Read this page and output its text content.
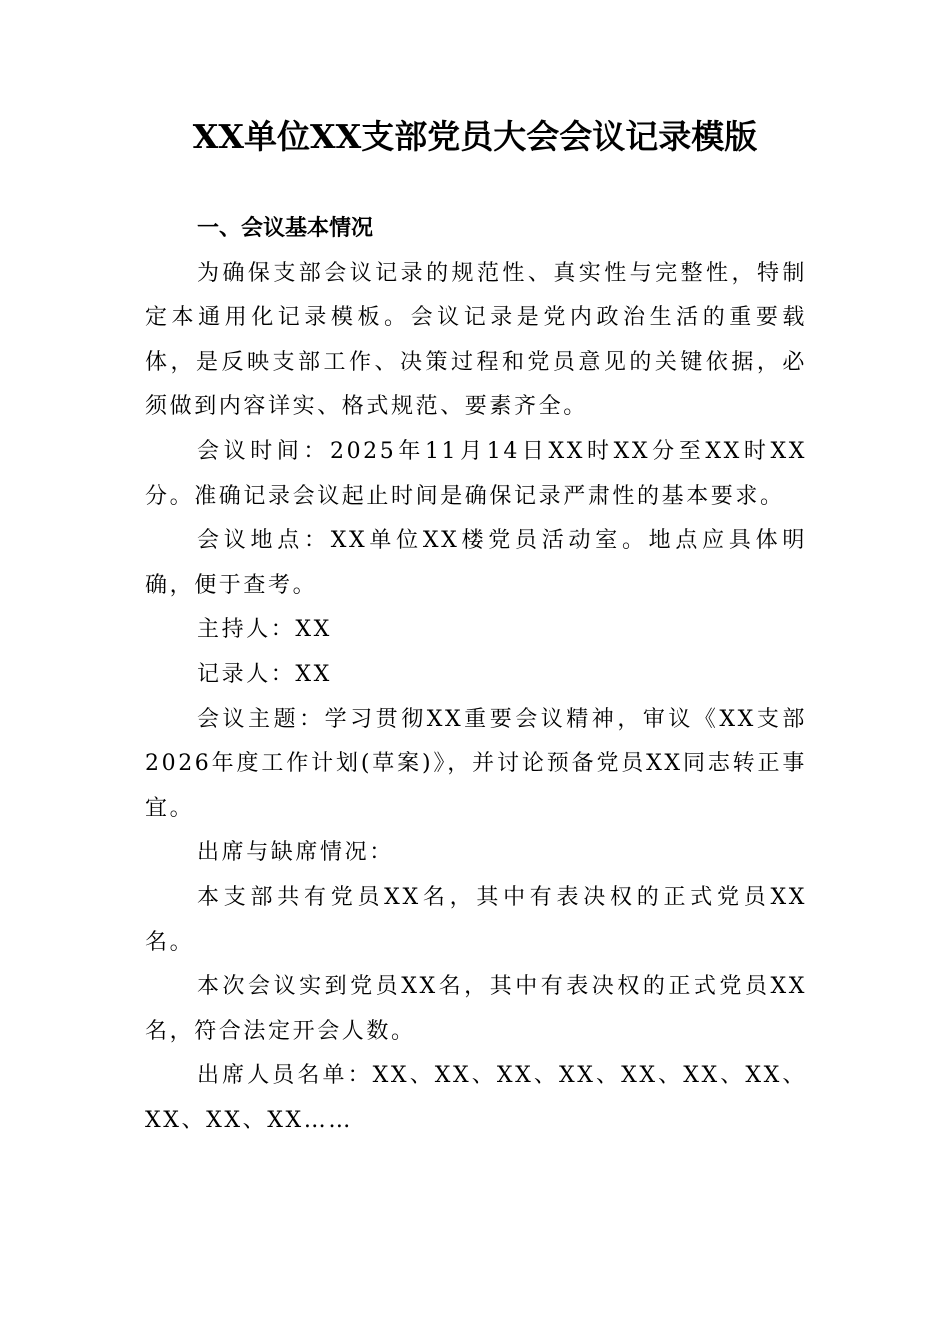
XX单位XX支部党员大会会议记录模版

一、会议基本情况

为确保支部会议记录的规范性、真实性与完整性，特制定本通用化记录模板。会议记录是党内政治生活的重要载体，是反映支部工作、决策过程和党员意见的关键依据，必须做到内容详实、格式规范、要素齐全。

会议时间：2025年11月14日XX时XX分至XX时XX分。准确记录会议起止时间是确保记录严肃性的基本要求。

会议地点：XX单位XX楼党员活动室。地点应具体明确，便于查考。

主持人：XX

记录人：XX

会议主题：学习贯彻XX重要会议精神，审议《XX支部2026年度工作计划(草案)》，并讨论预备党员XX同志转正事宜。

出席与缺席情况：

本支部共有党员XX名，其中有表决权的正式党员XX名。

本次会议实到党员XX名，其中有表决权的正式党员XX名，符合法定开会人数。

出席人员名单：XX、XX、XX、XX、XX、XX、XX、XX、XX、XX……
